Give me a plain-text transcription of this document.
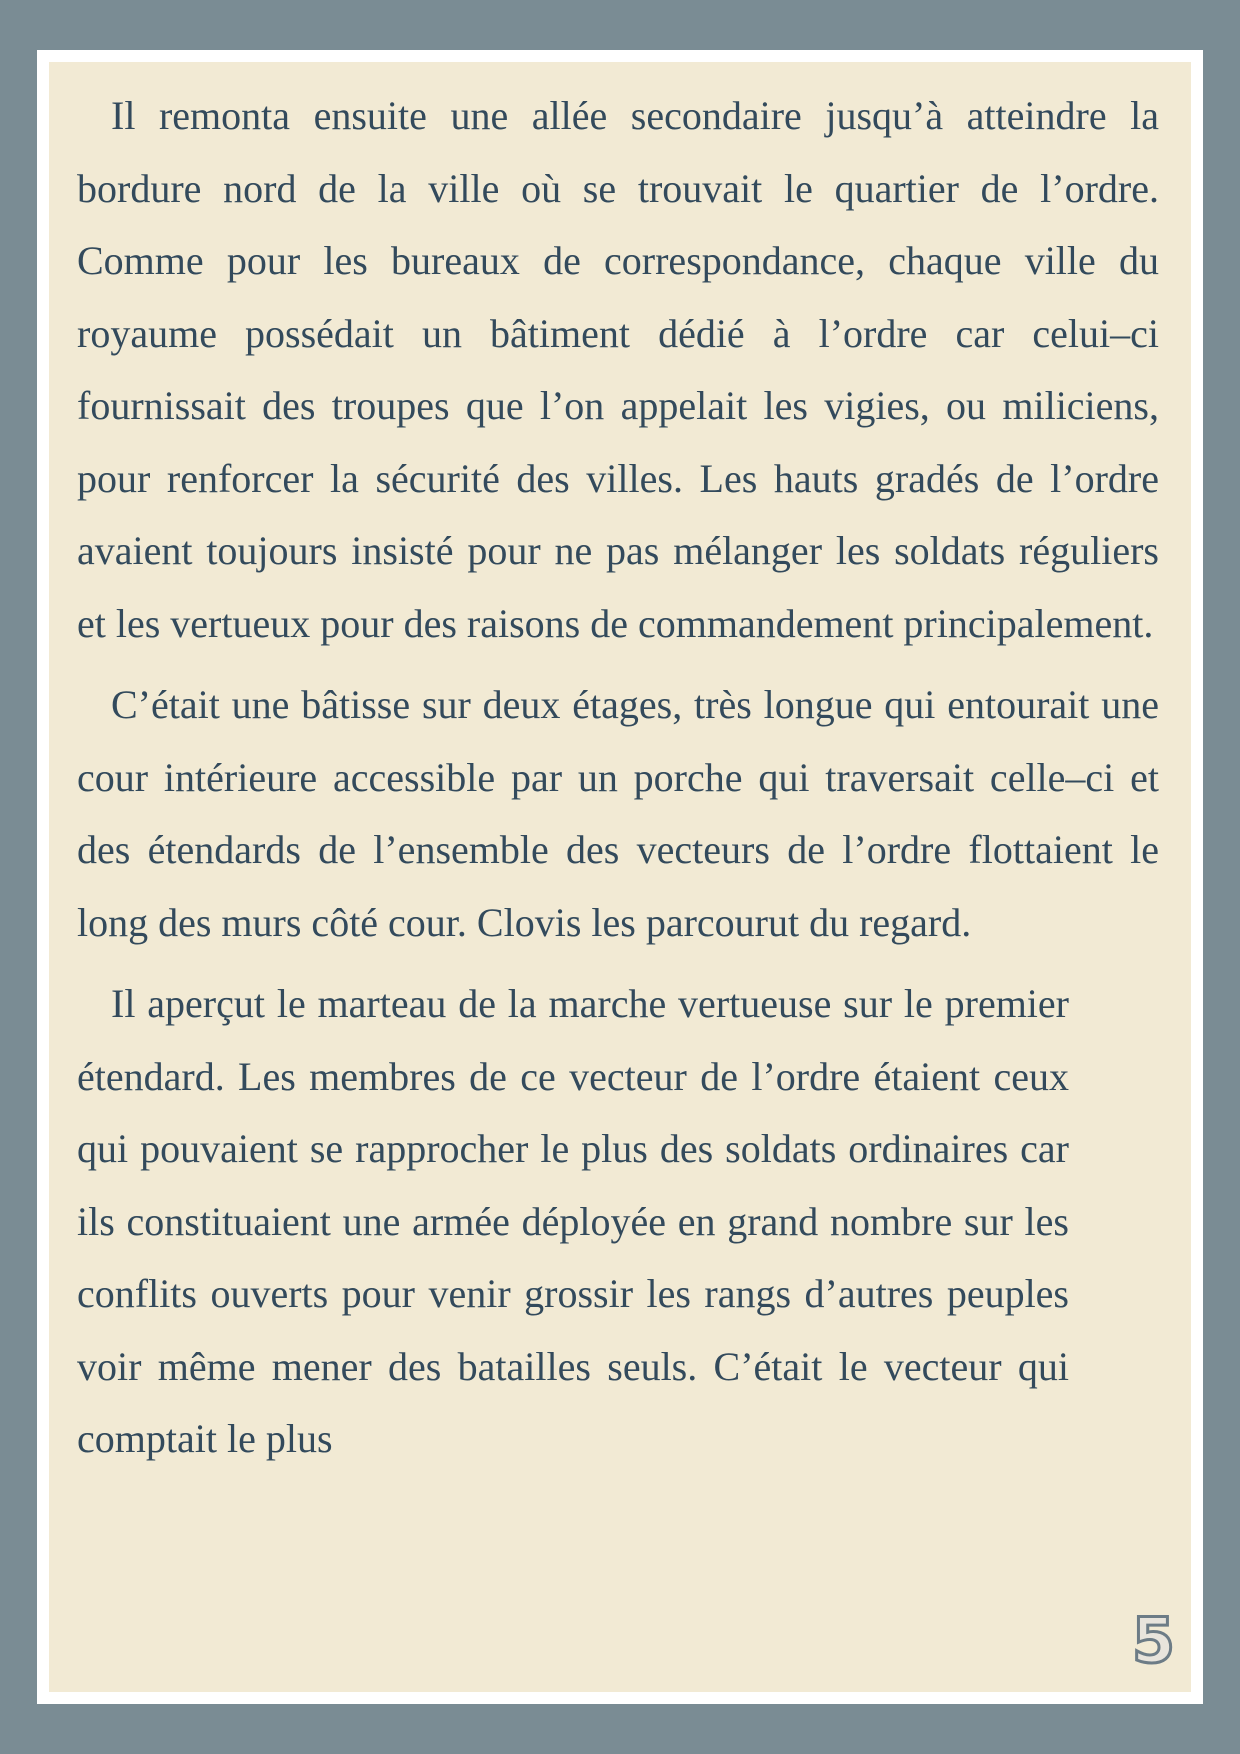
Il remonta ensuite une allée secondaire jusqu’à atteindre la bordure nord de la ville où se trouvait le quartier de l’ordre. Comme pour les bureaux de correspondance, chaque ville du royaume possédait un bâtiment dédié à l’ordre car celui–ci fournissait des troupes que l’on appelait les vigies, ou miliciens, pour renforcer la sécurité des villes. Les hauts gradés de l’ordre avaient toujours insisté pour ne pas mélanger les soldats réguliers et les vertueux pour des raisons de commandement principalement.

C’était une bâtisse sur deux étages, très longue qui entourait une cour intérieure accessible par un porche qui traversait celle–ci et des étendards de l’ensemble des vecteurs de l’ordre flottaient le long des murs côté cour. Clovis les parcourut du regard.

Il aperçut le marteau de la marche vertueuse sur le premier étendard. Les membres de ce vecteur de l’ordre étaient ceux qui pouvaient se rapprocher le plus des soldats ordinaires car ils constituaient une armée déployée en grand nombre sur les conflits ouverts pour venir grossir les rangs d’autres peuples voir même mener des batailles seuls. C’était le vecteur qui comptait le plus

5
